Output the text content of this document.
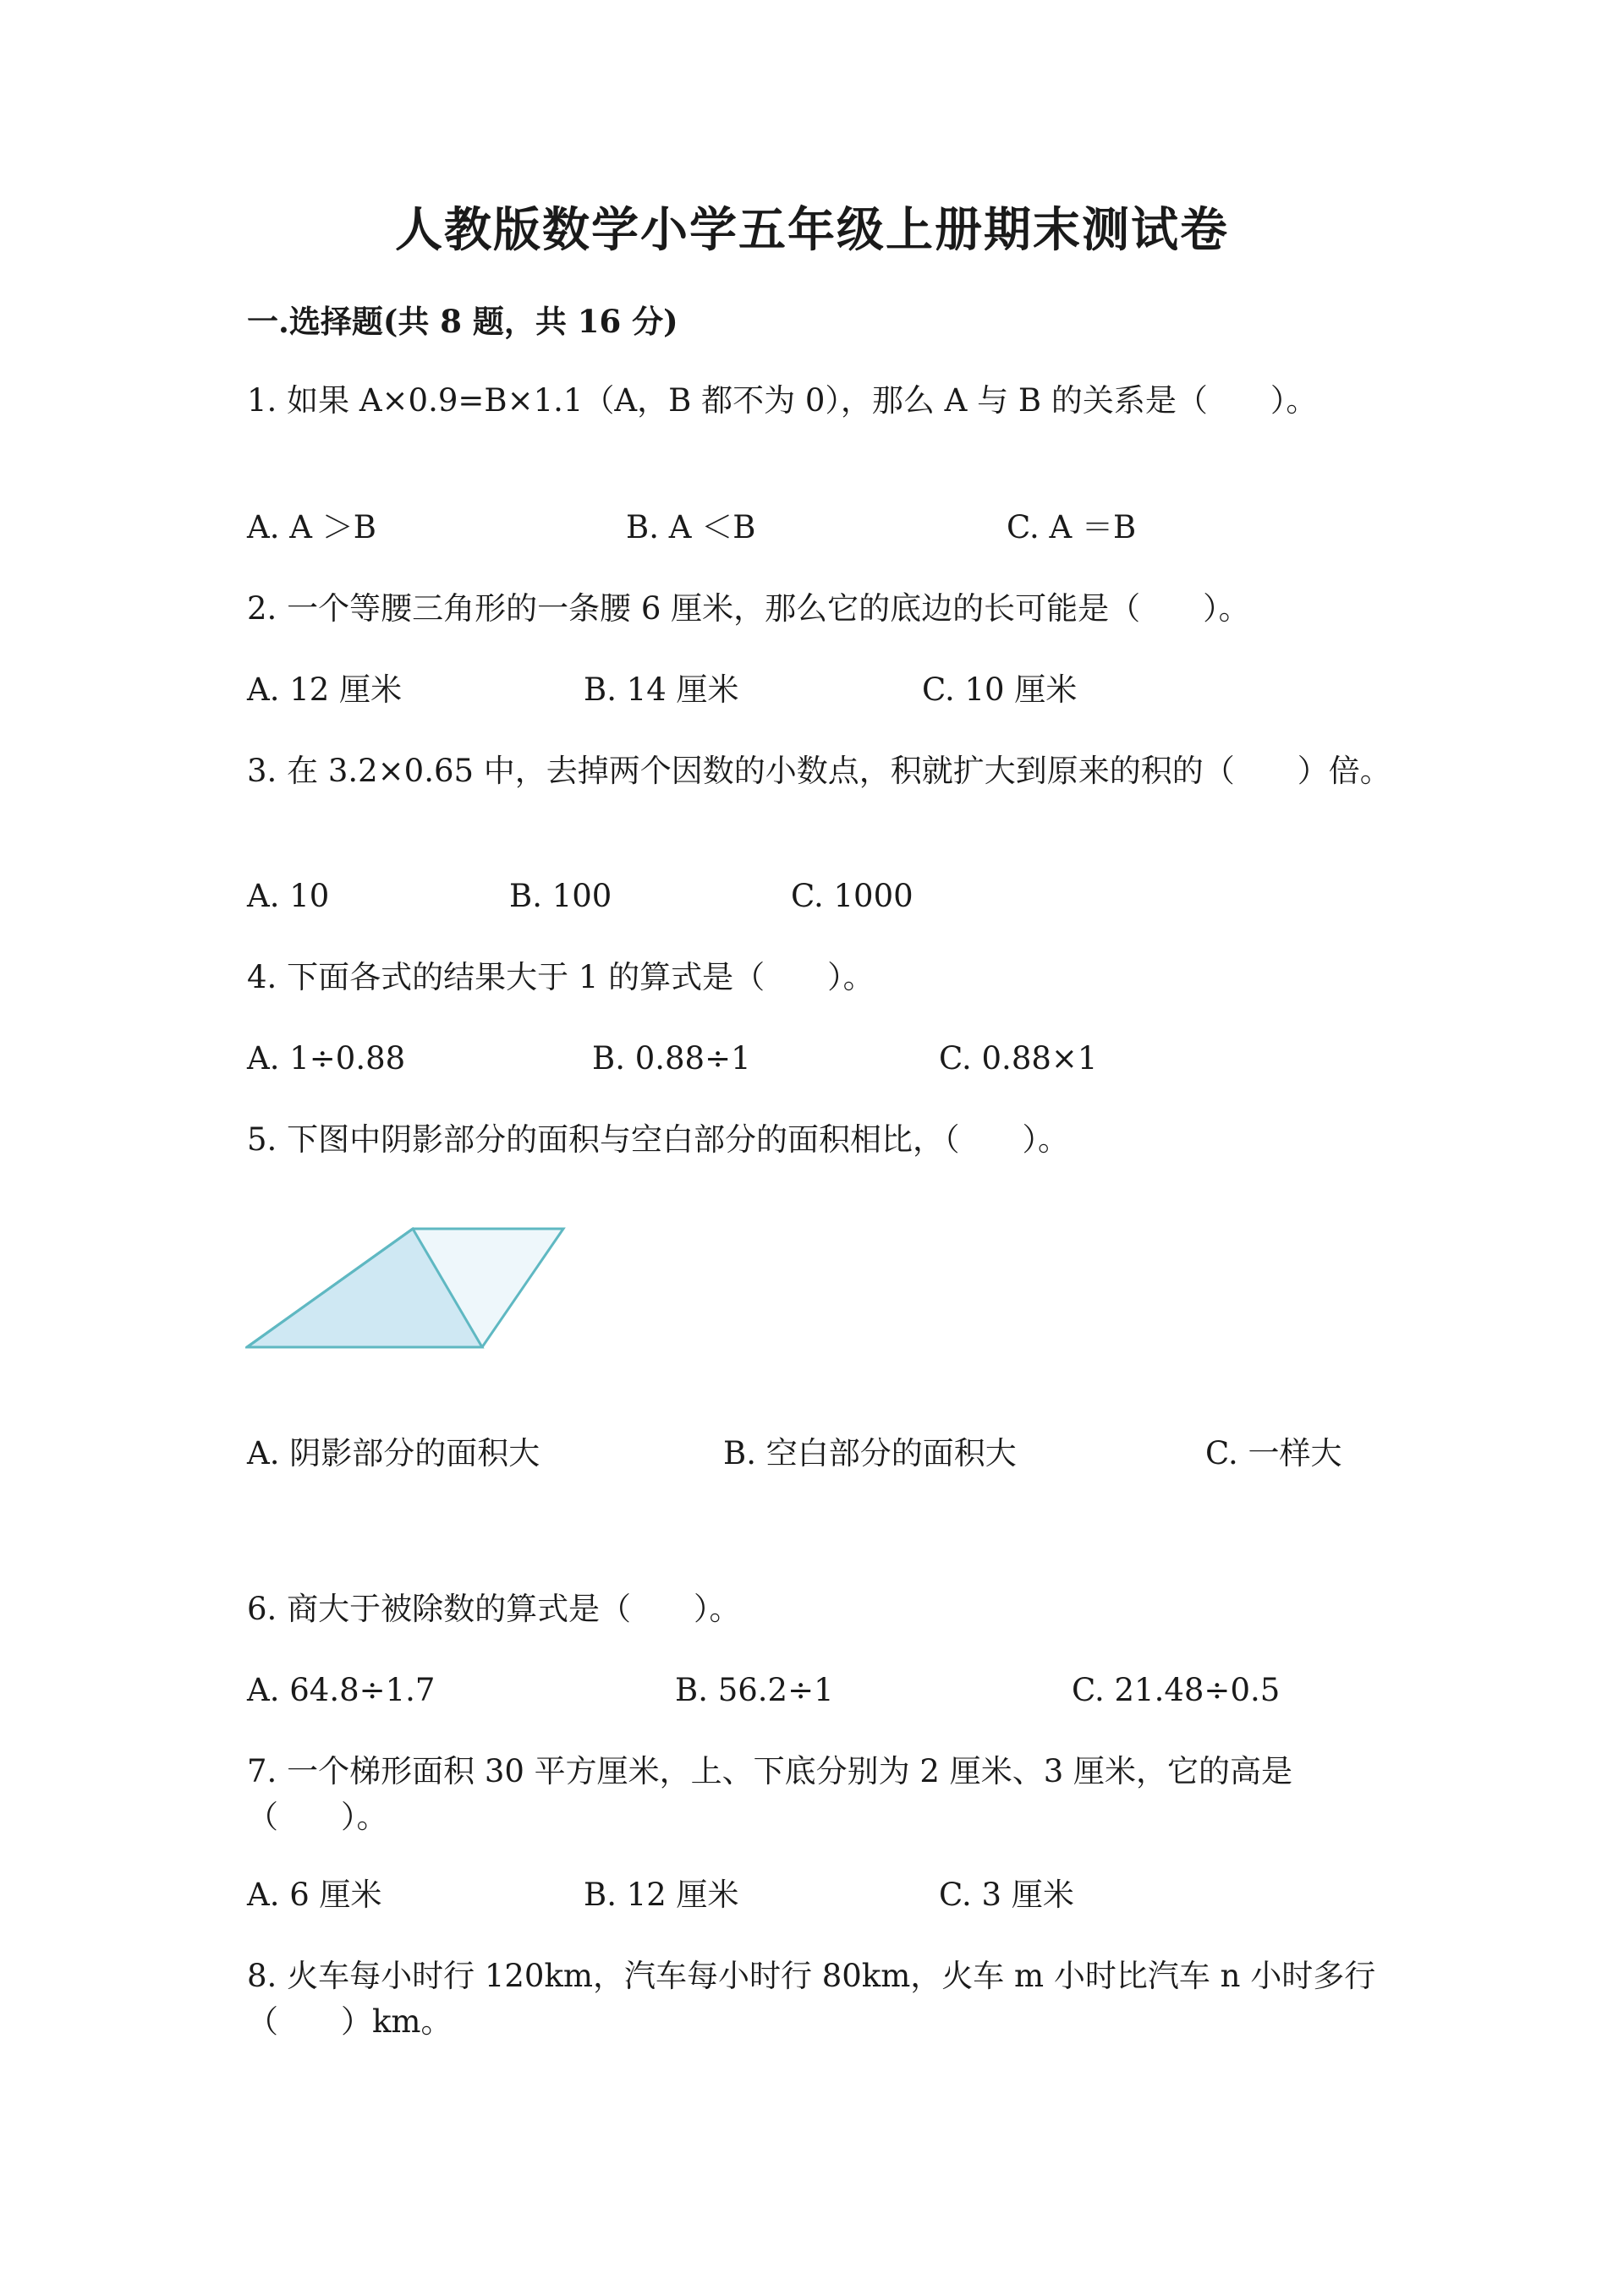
人教版数学小学五年级上册期末测试卷
一.选择题(共 8 题，共 16 分)
1. 如果 A×0.9=B×1.1（A，B 都不为 0），那么 A 与 B 的关系是（　　）。
A. A ＞B	B. A ＜B	C. A ＝B
2. 一个等腰三角形的一条腰 6 厘米，那么它的底边的长可能是（　　）。
A. 12 厘米	B. 14 厘米	C. 10 厘米
3. 在 3.2×0.65 中，去掉两个因数的小数点，积就扩大到原来的积的（　　）倍。
A. 10	B. 100	C. 1000
4. 下面各式的结果大于 1 的算式是（　　）。
A. 1÷0.88	B. 0.88÷1	C. 0.88×1
5. 下图中阴影部分的面积与空白部分的面积相比，（　　）。
A. 阴影部分的面积大	B. 空白部分的面积大	C. 一样大
6. 商大于被除数的算式是（　　）。
A. 64.8÷1.7	B. 56.2÷1	C. 21.48÷0.5
7. 一个梯形面积 30 平方厘米，上、下底分别为 2 厘米、3 厘米，它的高是（　　）。
A. 6 厘米	B. 12 厘米	C. 3 厘米
8. 火车每小时行 120km，汽车每小时行 80km，火车 m 小时比汽车 n 小时多行（　　）km。
